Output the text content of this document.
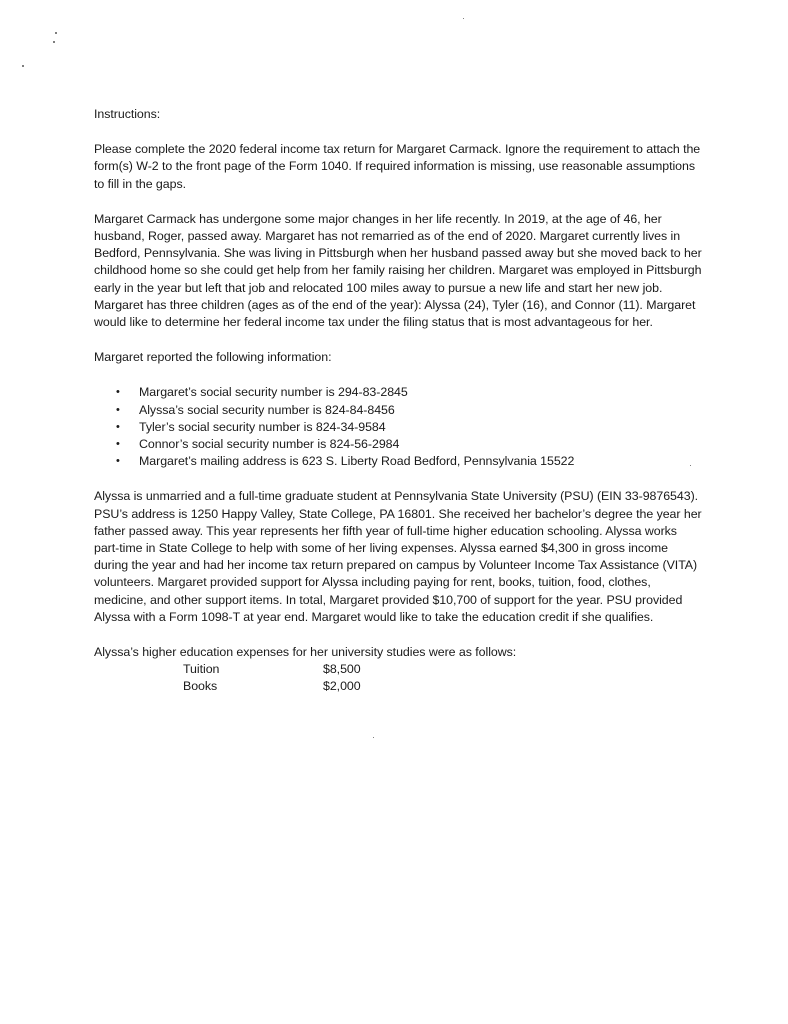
Instructions:

Please complete the 2020 federal income tax return for Margaret Carmack. Ignore the requirement to attach the form(s) W-2 to the front page of the Form 1040. If required information is missing, use reasonable assumptions to fill in the gaps.

Margaret Carmack has undergone some major changes in her life recently. In 2019, at the age of 46, her husband, Roger, passed away. Margaret has not remarried as of the end of 2020. Margaret currently lives in Bedford, Pennsylvania. She was living in Pittsburgh when her husband passed away but she moved back to her childhood home so she could get help from her family raising her children. Margaret was employed in Pittsburgh early in the year but left that job and relocated 100 miles away to pursue a new life and start her new job. Margaret has three children (ages as of the end of the year): Alyssa (24), Tyler (16), and Connor (11). Margaret would like to determine her federal income tax under the filing status that is most advantageous for her.

Margaret reported the following information:

• Margaret’s social security number is 294-83-2845
• Alyssa’s social security number is 824-84-8456
• Tyler’s social security number is 824-34-9584
• Connor’s social security number is 824-56-2984
• Margaret’s mailing address is 623 S. Liberty Road Bedford, Pennsylvania 15522

Alyssa is unmarried and a full-time graduate student at Pennsylvania State University (PSU) (EIN 33-9876543). PSU’s address is 1250 Happy Valley, State College, PA 16801. She received her bachelor’s degree the year her father passed away. This year represents her fifth year of full-time higher education schooling. Alyssa works part-time in State College to help with some of her living expenses. Alyssa earned $4,300 in gross income during the year and had her income tax return prepared on campus by Volunteer Income Tax Assistance (VITA) volunteers. Margaret provided support for Alyssa including paying for rent, books, tuition, food, clothes, medicine, and other support items. In total, Margaret provided $10,700 of support for the year. PSU provided Alyssa with a Form 1098-T at year end. Margaret would like to take the education credit if she qualifies.

Alyssa’s higher education expenses for her university studies were as follows:

Tuition	$8,500
Books	$2,000
